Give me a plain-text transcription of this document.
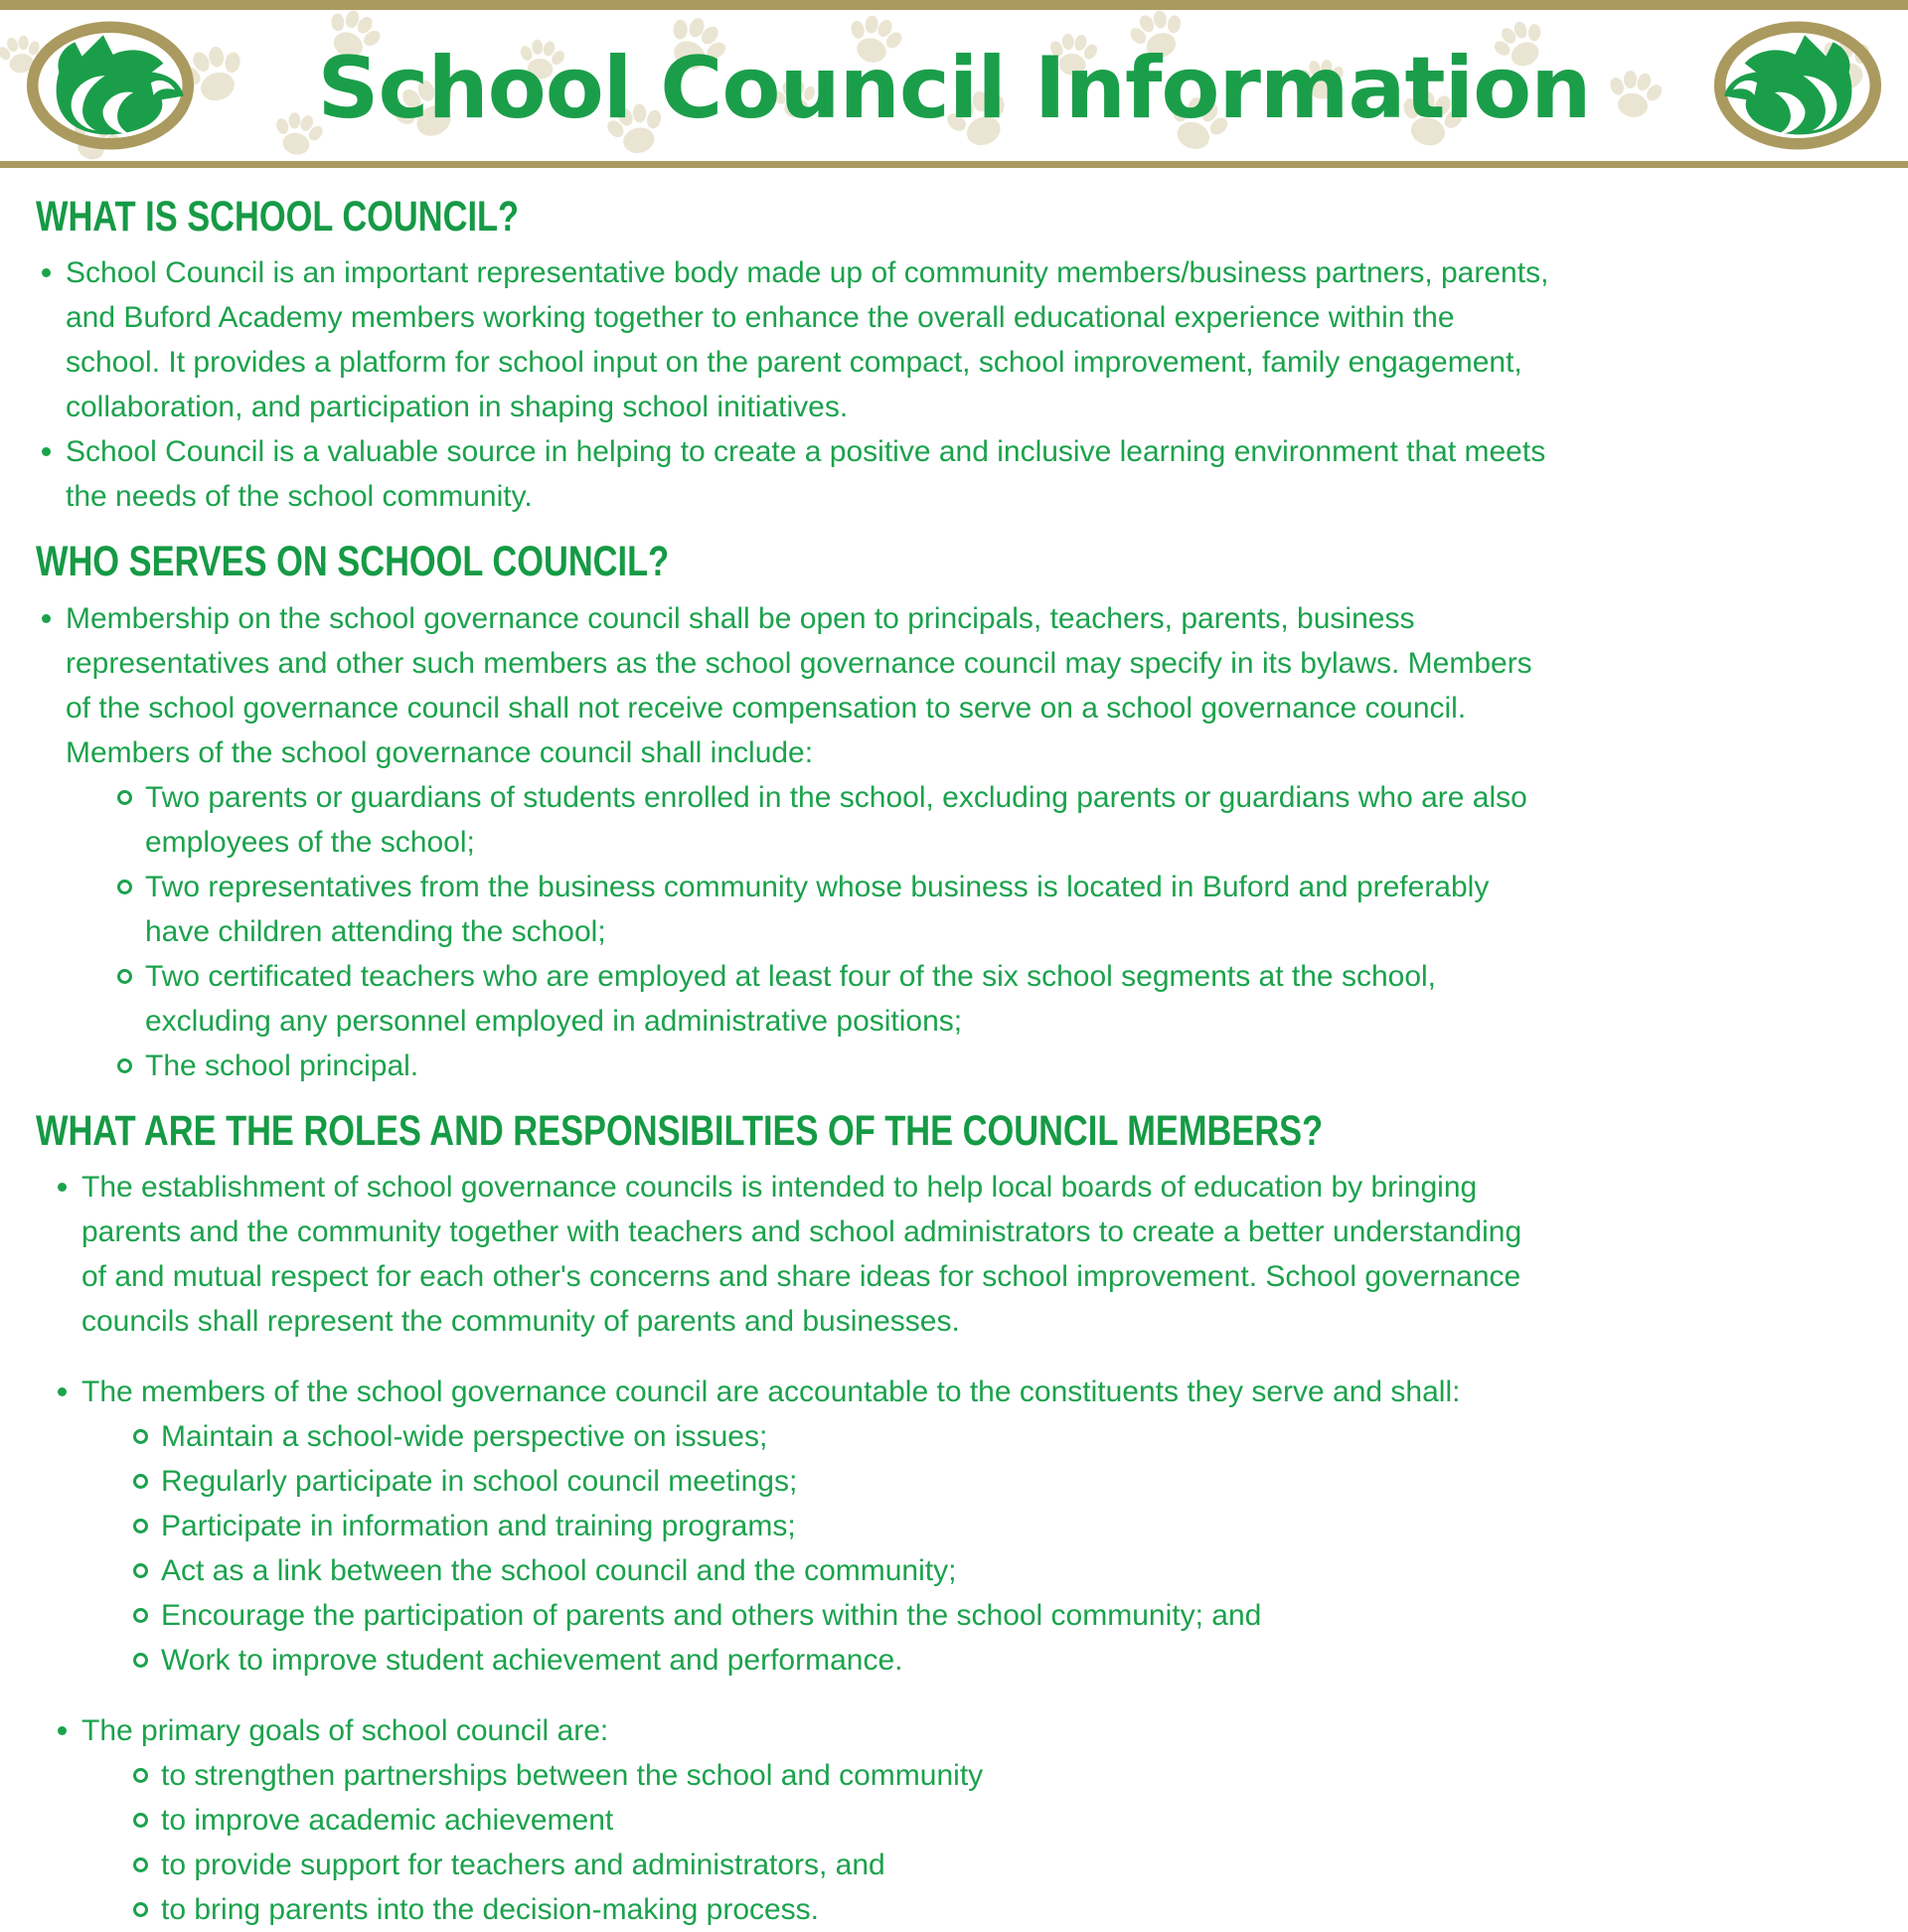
School Council Information
WHAT IS SCHOOL COUNCIL?
School Council is an important representative body made up of community members/business partners, parents, and Buford Academy members working together to enhance the overall educational experience within the school. It provides a platform for school input on the parent compact, school improvement, family engagement, collaboration, and participation in shaping school initiatives.
School Council is a valuable source in helping to create a positive and inclusive learning environment that meets the needs of the school community.
WHO SERVES ON SCHOOL COUNCIL?
Membership on the school governance council shall be open to principals, teachers, parents, business representatives and other such members as the school governance council may specify in its bylaws. Members of the school governance council shall not receive compensation to serve on a school governance council. Members of the school governance council shall include:
Two parents or guardians of students enrolled in the school, excluding parents or guardians who are also employees of the school;
Two representatives from the business community whose business is located in Buford and preferably have children attending the school;
Two certificated teachers who are employed at least four of the six school segments at the school, excluding any personnel employed in administrative positions;
The school principal.
WHAT ARE THE ROLES AND RESPONSIBILTIES OF THE COUNCIL MEMBERS?
The establishment of school governance councils is intended to help local boards of education by bringing parents and the community together with teachers and school administrators to create a better understanding of and mutual respect for each other's concerns and share ideas for school improvement. School governance councils shall represent the community of parents and businesses.
The members of the school governance council are accountable to the constituents they serve and shall:
Maintain a school-wide perspective on issues;
Regularly participate in school council meetings;
Participate in information and training programs;
Act as a link between the school council and the community;
Encourage the participation of parents and others within the school community; and
Work to improve student achievement and performance.
The primary goals of school council are:
to strengthen partnerships between the school and community
to improve academic achievement
to provide support for teachers and administrators, and
to bring parents into the decision-making process.
